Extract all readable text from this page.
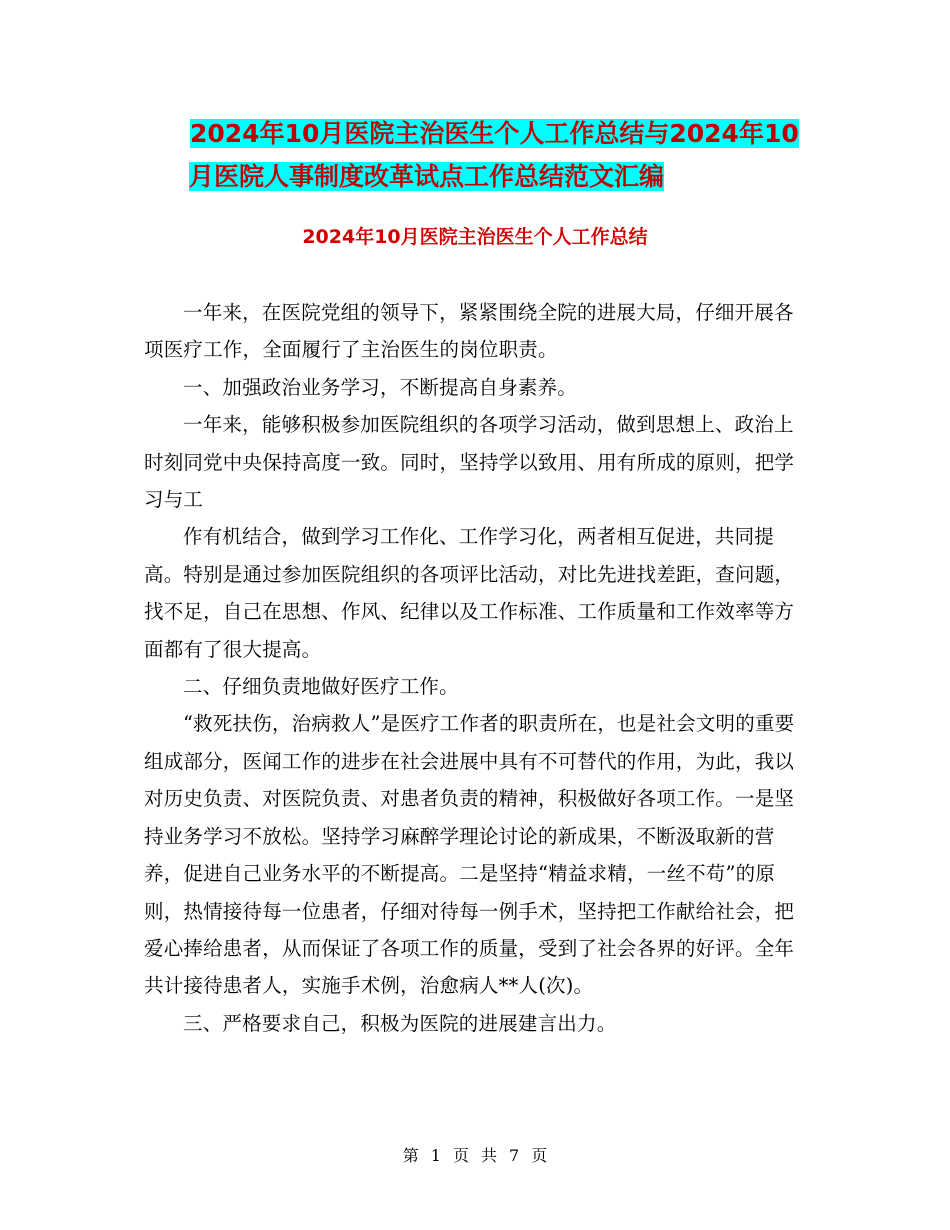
2024年10月医院主治医生个人工作总结与2024年10
月医院人事制度改革试点工作总结范文汇编
2024年10月医院主治医生个人工作总结

一年来，在医院党组的领导下，紧紧围绕全院的进展大局，仔细开展各项医疗工作，全面履行了主治医生的岗位职责。

一、加强政治业务学习，不断提高自身素养。

一年来，能够积极参加医院组织的各项学习活动，做到思想上、政治上时刻同党中央保持高度一致。同时，坚持学以致用、用有所成的原则，把学习与工

作有机结合，做到学习工作化、工作学习化，两者相互促进，共同提高。特别是通过参加医院组织的各项评比活动，对比先进找差距，查问题，找不足，自己在思想、作风、纪律以及工作标准、工作质量和工作效率等方面都有了很大提高。

二、仔细负责地做好医疗工作。

“救死扶伤，治病救人”是医疗工作者的职责所在，也是社会文明的重要组成部分，医闻工作的进步在社会进展中具有不可替代的作用，为此，我以对历史负责、对医院负责、对患者负责的精神，积极做好各项工作。一是坚持业务学习不放松。坚持学习麻醉学理论讨论的新成果，不断汲取新的营养，促进自己业务水平的不断提高。二是坚持“精益求精，一丝不苟”的原则，热情接待每一位患者，仔细对待每一例手术，坚持把工作献给社会，把爱心捧给患者，从而保证了各项工作的质量，受到了社会各界的好评。全年共计接待患者人，实施手术例，治愈病人**人(次)。

三、严格要求自己，积极为医院的进展建言出力。

第 1 页 共 7 页
